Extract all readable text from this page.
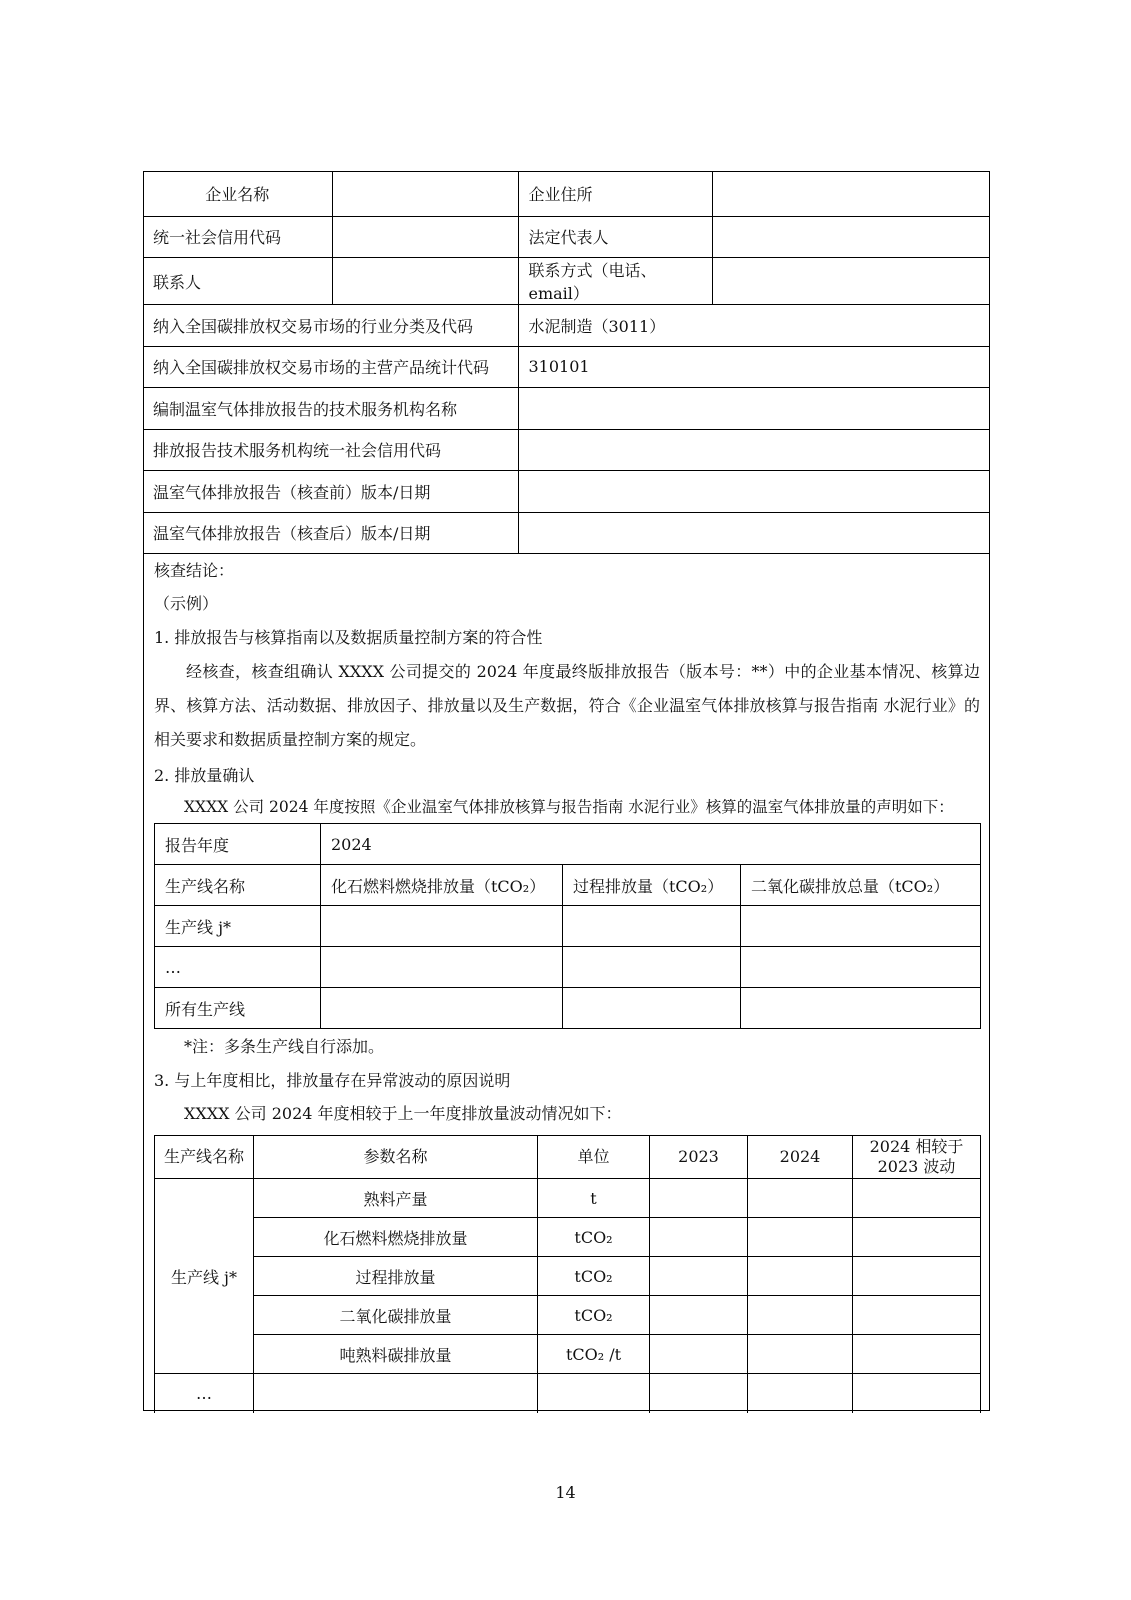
企业名称		企业住所	
统一社会信用代码		法定代表人	
联系人		联系方式（电话、email）	
纳入全国碳排放权交易市场的行业分类及代码		水泥制造（3011）	
纳入全国碳排放权交易市场的主营产品统计代码		310101	
编制温室气体排放报告的技术服务机构名称			
排放报告技术服务机构统一社会信用代码			
温室气体排放报告（核查前）版本/日期			
温室气体排放报告（核查后）版本/日期			
核查结论：
（示例）
1. 排放报告与核算指南以及数据质量控制方案的符合性
经核查，核查组确认 XXXX 公司提交的 2024 年度最终版排放报告（版本号：**）中的企业基本情况、核算边界、核算方法、活动数据、排放因子、排放量以及生产数据，符合《企业温室气体排放核算与报告指南 水泥行业》的相关要求和数据质量控制方案的规定。
2. 排放量确认
XXXX 公司 2024 年度按照《企业温室气体排放核算与报告指南 水泥行业》核算的温室气体排放量的声明如下：
报告年度	2024		
生产线名称	化石燃料燃烧排放量（tCO₂）	过程排放量（tCO₂）	二氧化碳排放总量（tCO₂）
生产线 j*			
…			
所有生产线			
*注：多条生产线自行添加。
3. 与上年度相比，排放量存在异常波动的原因说明
XXXX 公司 2024 年度相较于上一年度排放量波动情况如下：
生产线名称	参数名称	单位	2023	2024	2024 相较于 2023 波动
生产线 j*	熟料产量	t			
	化石燃料燃烧排放量	tCO₂			
	过程排放量	tCO₂			
	二氧化碳排放量	tCO₂			
	吨熟料碳排放量	tCO₂ /t			
…					
14
